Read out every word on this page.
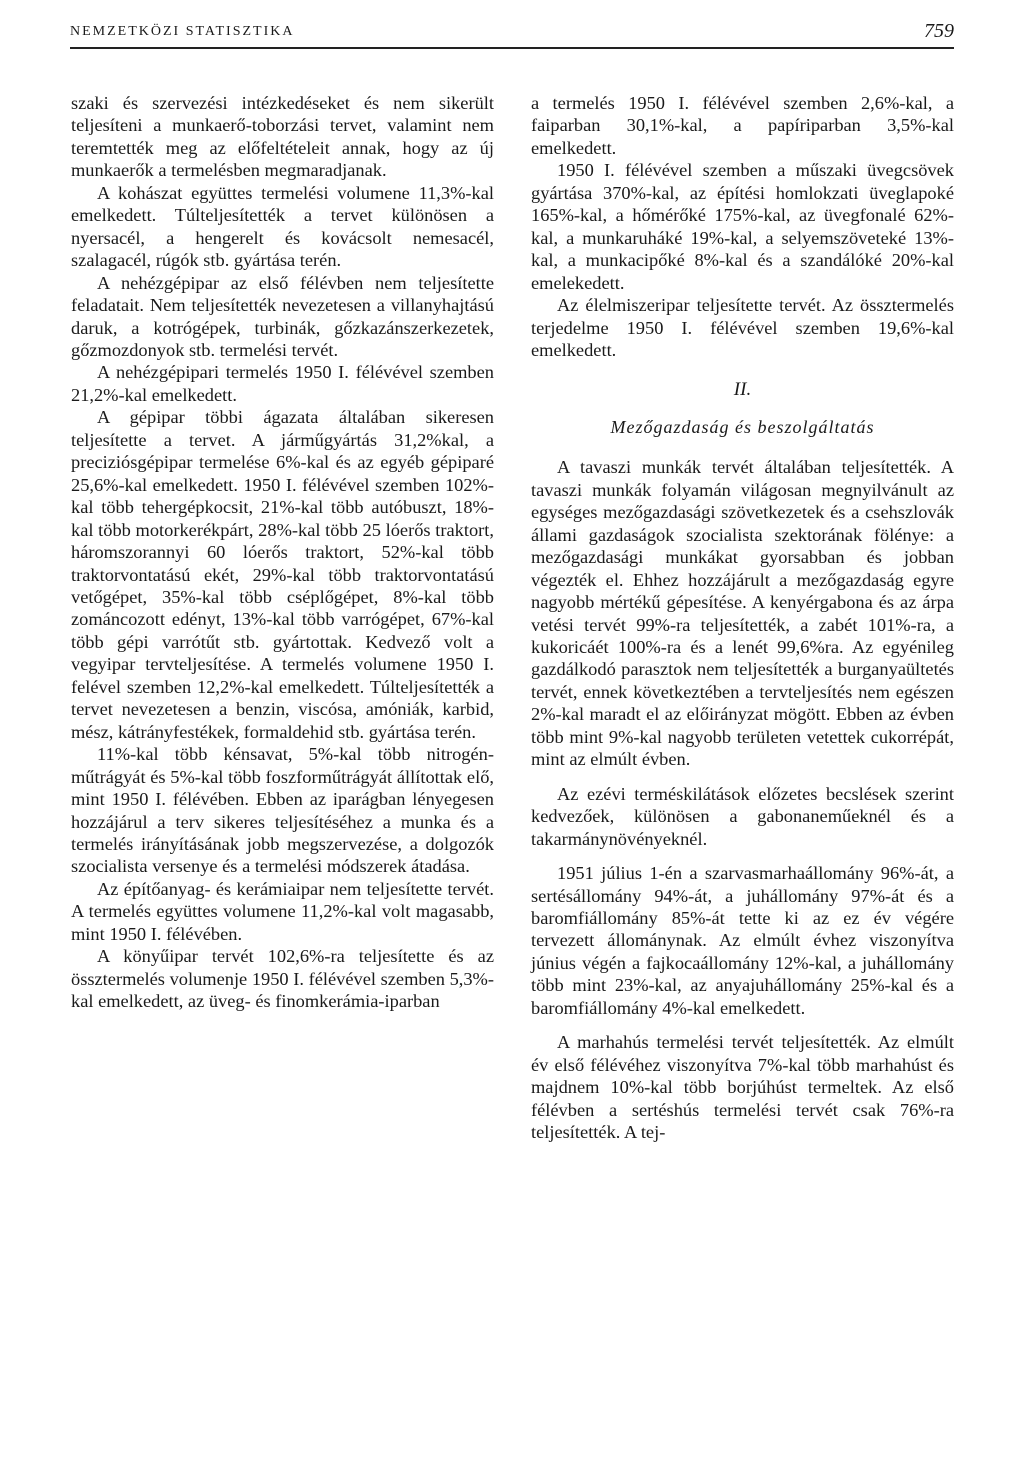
NEMZETKÖZI STATISZTIKA	759

szaki és szervezési intézkedéseket és nem sikerült teljesíteni a munkaerő-toborzási tervet, valamint nem teremtették meg az előfeltételeit annak, hogy az új munkaerők a termelésben megmaradjanak.

A kohászat együttes termelési volumene 11,3%-kal emelkedett. Túlteljesítették a tervet különösen a nyersacél, a hengerelt és kovácsolt nemesacél, szalagacél, rúgók stb. gyártása terén.

A nehézgépipar az első félévben nem teljesítette feladatait. Nem teljesítették nevezetesen a villanyhajtású daruk, a kotrógépek, turbinák, gőzkazánszerkezetek, gőzmozdonyok stb. termelési tervét.

A nehézgépipari termelés 1950 I. félévével szemben 21,2%-kal emelkedett.

A gépipar többi ágazata általában sikeresen teljesítette a tervet. A járműgyártás 31,2%kal, a preciziósgépipar termelése 6%-kal és az egyéb gépiparé 25,6%-kal emelkedett. 1950 I. félévével szemben 102%-kal több tehergépkocsit, 21%-kal több autóbuszt, 18%-kal több motorkerékpárt, 28%-kal több 25 lóerős traktort, háromszorannyi 60 lóerős traktort, 52%-kal több traktorvontatású ekét, 29%-kal több traktorvontatású vetőgépet, 35%-kal több cséplőgépet, 8%-kal több zománcozott edényt, 13%-kal több varrógépet, 67%-kal több gépi varrótűt stb. gyártottak. Kedvező volt a vegyipar tervteljesítése. A termelés volumene 1950 I. felével szemben 12,2%-kal emelkedett. Túlteljesítették a tervet nevezetesen a benzin, viscósa, amóniák, karbid, mész, kátrányfestékek, formaldehid stb. gyártása terén.

11%-kal több kénsavat, 5%-kal több nitrogén-műtrágyát és 5%-kal több foszforműtrágyát állítottak elő, mint 1950 I. félévében. Ebben az iparágban lényegesen hozzájárul a terv sikeres teljesítéséhez a munka és a termelés irányításának jobb megszervezése, a dolgozók szocialista versenye és a termelési módszerek átadása.

Az építőanyag- és kerámiaipar nem teljesítette tervét. A termelés együttes volumene 11,2%-kal volt magasabb, mint 1950 I. félévében.

A könyűipar tervét 102,6%-ra teljesítette és az össztermelés volumenje 1950 I. félévével szemben 5,3%-kal emelkedett, az üveg- és finomkerámia-iparban

a termelés 1950 I. félévével szemben 2,6%-kal, a faiparban 30,1%-kal, a papíriparban 3,5%-kal emelkedett.

1950 I. félévével szemben a műszaki üvegcsövek gyártása 370%-kal, az építési homlokzati üveglapoké 165%-kal, a hőmérőké 175%-kal, az üvegfonalé 62%-kal, a munkaruháké 19%-kal, a selyemszöveteké 13%-kal, a munkacipőké 8%-kal és a szandálóké 20%-kal emelekedett.

Az élelmiszeripar teljesítette tervét. Az össztermelés terjedelme 1950 I. félévével szemben 19,6%-kal emelkedett.

II.
Mezőgazdaság és beszolgáltatás

A tavaszi munkák tervét általában teljesítették. A tavaszi munkák folyamán világosan megnyilvánult az egységes mezőgazdasági szövetkezetek és a csehszlovák állami gazdaságok szocialista szektorának fölénye: a mezőgazdasági munkákat gyorsabban és jobban végezték el. Ehhez hozzájárult a mezőgazdaság egyre nagyobb mértékű gépesítése. A kenyérgabona és az árpa vetési tervét 99%-ra teljesítették, a zabét 101%-ra, a kukoricáét 100%-ra és a lenét 99,6%ra. Az egyénileg gazdálkodó parasztok nem teljesítették a burganyaültetés tervét, ennek következtében a tervteljesítés nem egészen 2%-kal maradt el az előirányzat mögött. Ebben az évben több mint 9%-kal nagyobb területen vetettek cukorrépát, mint az elmúlt évben.

Az ezévi terméskilátások előzetes becslések szerint kedvezőek, különösen a gabonaneműeknél és a takarmánynövényeknél.

1951 július 1-én a szarvasmarhaállomány 96%-át, a sertésállomány 94%-át, a juhállomány 97%-át és a baromfiállomány 85%-át tette ki az ez év végére tervezett állománynak. Az elmúlt évhez viszonyítva június végén a fajkocaállomány 12%-kal, a juhállomány több mint 23%-kal, az anyajuhállomány 25%-kal és a baromfiállomány 4%-kal emelkedett.

A marhahús termelési tervét teljesítették. Az elmúlt év első félévéhez viszonyítva 7%-kal több marhahúst és majdnem 10%-kal több borjúhúst termeltek. Az első félévben a sertéshús termelési tervét csak 76%-ra teljesítették. A tej-
